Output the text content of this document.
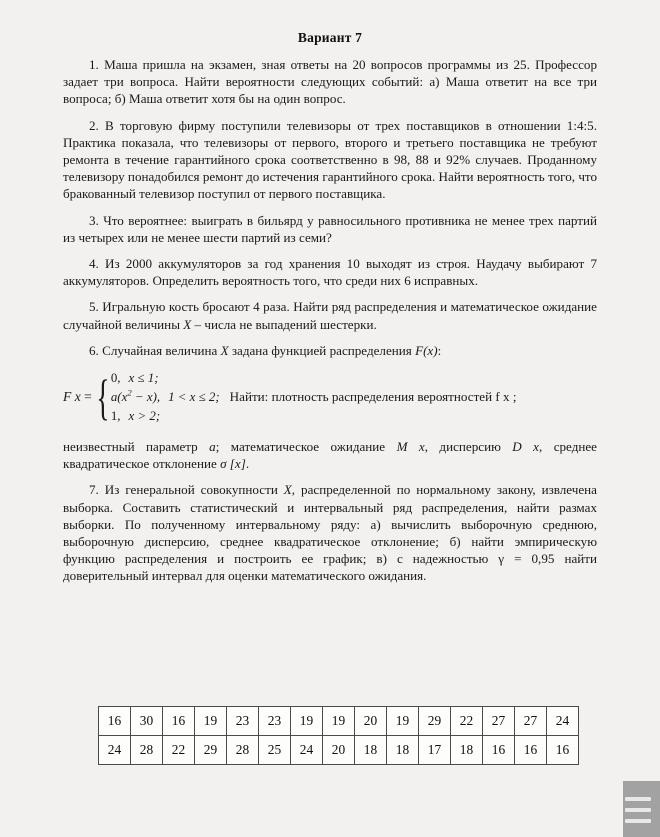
Вариант 7

1. Маша пришла на экзамен, зная ответы на 20 вопросов программы из 25. Профессор задает три вопроса. Найти вероятности следующих событий: а) Маша ответит на все три вопроса; б) Маша ответит хотя бы на один вопрос.

2. В торговую фирму поступили телевизоры от трех поставщиков в отношении 1:4:5. Практика показала, что телевизоры от первого, второго и третьего поставщика не требуют ремонта в течение гарантийного срока соответственно в 98, 88 и 92% случаев. Проданному телевизору понадобился ремонт до истечения гарантийного срока. Найти вероятность того, что бракованный телевизор поступил от первого поставщика.

3. Что вероятнее: выиграть в бильярд у равносильного противника не менее трех партий из четырех или не менее шести партий из семи?

4. Из 2000 аккумуляторов за год хранения 10 выходят из строя. Наудачу выбирают 7 аккумуляторов. Определить вероятность того, что среди них 6 исправных.

5. Игральную кость бросают 4 раза. Найти ряд распределения и математическое ожидание случайной величины X – числа не выпадений шестерки.

6. Случайная величина X задана функцией распределения F(x):

F x = { 0, x ≤ 1;
$a(x^2 - x)$, 1 < x ≤ 2;
1, x > 2;
Найти: плотность распределения вероятностей f x ;

неизвестный параметр a; математическое ожидание M x, дисперсию D x, среднее квадратическое отклонение σ [x].

7. Из генеральной совокупности X, распределенной по нормальному закону, извлечена выборка. Составить статистический и интервальный ряд распределения, найти размах выборки. По полученному интервальному ряду: а) вычислить выборочную среднюю, выборочную дисперсию, среднее квадратическое отклонение; б) найти эмпирическую функцию распределения и построить ее график; в) с надежностью γ = 0,95 найти доверительный интервал для оценки математического ожидания.

16	30	16	19	23	23	19	19	20	19	29	22	27	27	24
24	28	22	29	28	25	24	20	18	18	17	18	16	16	16
